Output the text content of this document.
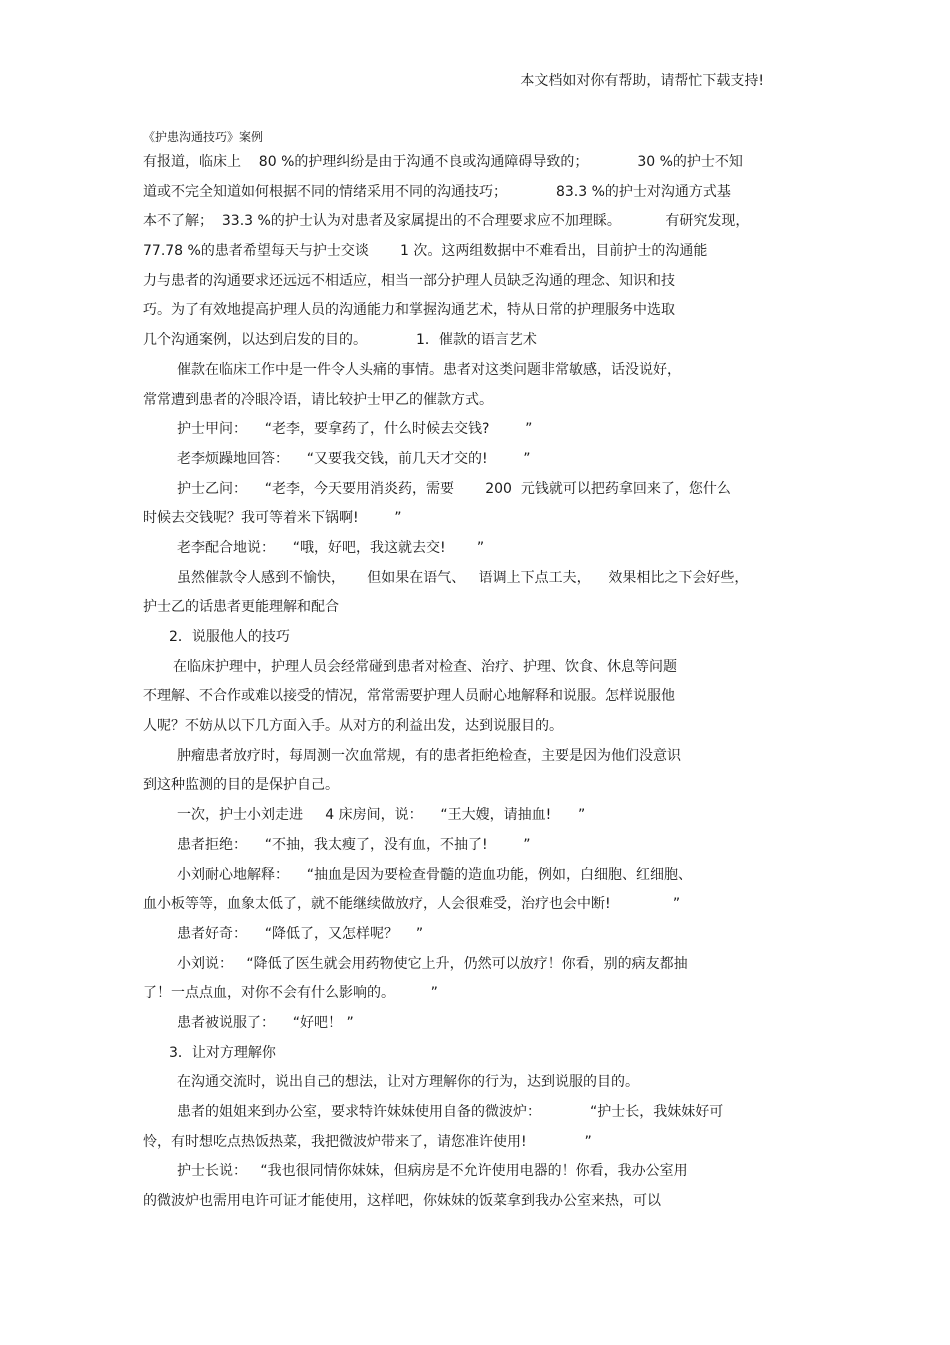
本文档如对你有帮助，请帮忙下载支持!
《护患沟通技巧》案例
有报道，临床上    80 %的护理纠纷是由于沟通不良或沟通障碍导致的；           30 %的护士不知
道或不完全知道如何根据不同的情绪采用不同的沟通技巧；           83.3 %的护士对沟通方式基
本不了解；  33.3 %的护士认为对患者及家属提出的不合理要求应不加理睬。          有研究发现，
77.78 %的患者希望每天与护士交谈       1 次。这两组数据中不难看出，目前护士的沟通能
力与患者的沟通要求还远远不相适应，相当一部分护理人员缺乏沟通的理念、知识和技
巧。为了有效地提高护理人员的沟通能力和掌握沟通艺术，特从日常的护理服务中选取
几个沟通案例，以达到启发的目的。           1．催款的语言艺术
催款在临床工作中是一件令人头痛的事情。患者对这类问题非常敏感，话没说好，
常常遭到患者的冷眼冷语，请比较护士甲乙的催款方式。
护士甲问：    “老李，要拿药了，什么时候去交钱?        ”
老李烦躁地回答：    “又要我交钱，前几天才交的!        ”
护士乙问：    “老李，今天要用消炎药，需要       200  元钱就可以把药拿回来了，您什么
时候去交钱呢？我可等着米下锅啊!        ”
老李配合地说：    “哦，好吧，我这就去交!       ”
虽然催款令人感到不愉快，     但如果在语气、   语调上下点工夫，    效果相比之下会好些，
护士乙的话患者更能理解和配合
2．说服他人的技巧
在临床护理中，护理人员会经常碰到患者对检查、治疗、护理、饮食、休息等问题
不理解、不合作或难以接受的情况，常常需要护理人员耐心地解释和说服。怎样说服他
人呢？不妨从以下几方面入手。从对方的利益出发，达到说服目的。
肿瘤患者放疗时，每周测一次血常规，有的患者拒绝检查，主要是因为他们没意识
到这种监测的目的是保护自己。
一次，护士小刘走进     4 床房间，说：    “王大嫂，请抽血!      ”
患者拒绝：    “不抽，我太瘦了，没有血，不抽了!        ”
小刘耐心地解释：    “抽血是因为要检查骨髓的造血功能，例如，白细胞、红细胞、
血小板等等，血象太低了，就不能继续做放疗，人会很难受，治疗也会中断!              ”
患者好奇：    “降低了，又怎样呢？    ”
小刘说：   “降低了医生就会用药物使它上升，仍然可以放疗！你看，别的病友都抽
了！一点点血，对你不会有什么影响的。        ”
患者被说服了：    “好吧！ ”
3．让对方理解你
在沟通交流时，说出自己的想法，让对方理解你的行为，达到说服的目的。
患者的姐姐来到办公室，要求特许妹妹使用自备的微波炉：           “护士长，我妹妹好可
怜，有时想吃点热饭热菜，我把微波炉带来了，请您准许使用!             ”
护士长说：   “我也很同情你妹妹，但病房是不允许使用电器的！你看，我办公室用
的微波炉也需用电许可证才能使用，这样吧，你妹妹的饭菜拿到我办公室来热，可以
